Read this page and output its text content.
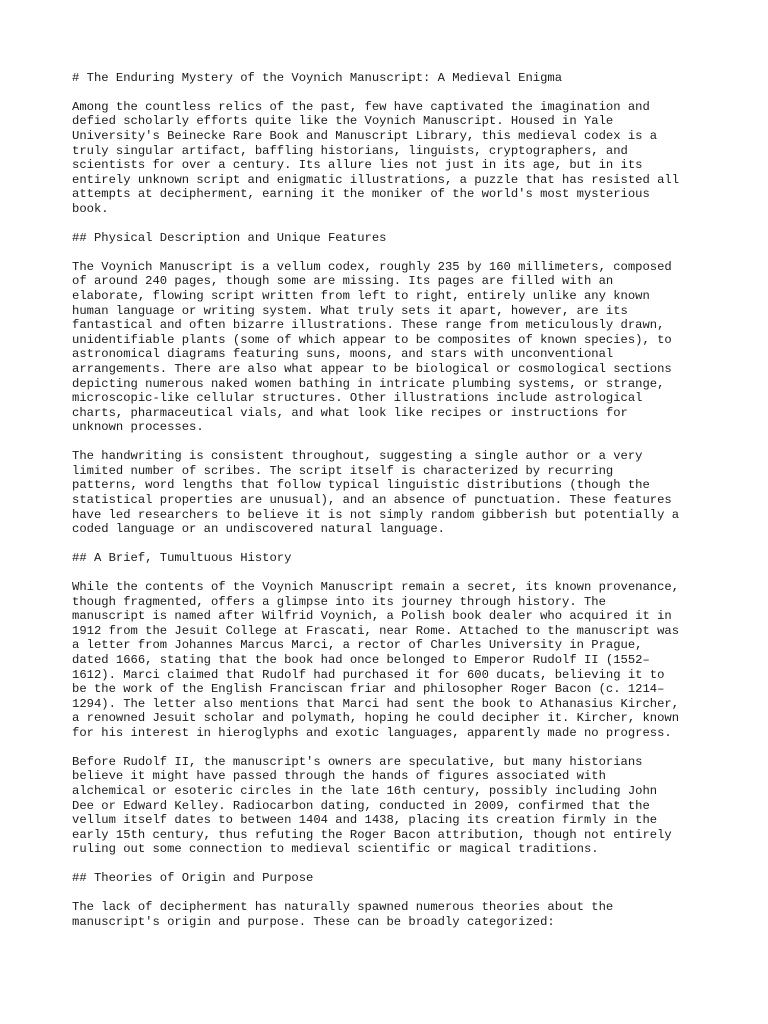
# The Enduring Mystery of the Voynich Manuscript: A Medieval Enigma
Among the countless relics of the past, few have captivated the imagination and
defied scholarly efforts quite like the Voynich Manuscript. Housed in Yale
University's Beinecke Rare Book and Manuscript Library, this medieval codex is a
truly singular artifact, baffling historians, linguists, cryptographers, and
scientists for over a century. Its allure lies not just in its age, but in its
entirely unknown script and enigmatic illustrations, a puzzle that has resisted all
attempts at decipherment, earning it the moniker of the world's most mysterious
book.
## Physical Description and Unique Features
The Voynich Manuscript is a vellum codex, roughly 235 by 160 millimeters, composed
of around 240 pages, though some are missing. Its pages are filled with an
elaborate, flowing script written from left to right, entirely unlike any known
human language or writing system. What truly sets it apart, however, are its
fantastical and often bizarre illustrations. These range from meticulously drawn,
unidentifiable plants (some of which appear to be composites of known species), to
astronomical diagrams featuring suns, moons, and stars with unconventional
arrangements. There are also what appear to be biological or cosmological sections
depicting numerous naked women bathing in intricate plumbing systems, or strange,
microscopic-like cellular structures. Other illustrations include astrological
charts, pharmaceutical vials, and what look like recipes or instructions for
unknown processes.
The handwriting is consistent throughout, suggesting a single author or a very
limited number of scribes. The script itself is characterized by recurring
patterns, word lengths that follow typical linguistic distributions (though the
statistical properties are unusual), and an absence of punctuation. These features
have led researchers to believe it is not simply random gibberish but potentially a
coded language or an undiscovered natural language.
## A Brief, Tumultuous History
While the contents of the Voynich Manuscript remain a secret, its known provenance,
though fragmented, offers a glimpse into its journey through history. The
manuscript is named after Wilfrid Voynich, a Polish book dealer who acquired it in
1912 from the Jesuit College at Frascati, near Rome. Attached to the manuscript was
a letter from Johannes Marcus Marci, a rector of Charles University in Prague,
dated 1666, stating that the book had once belonged to Emperor Rudolf II (1552–
1612). Marci claimed that Rudolf had purchased it for 600 ducats, believing it to
be the work of the English Franciscan friar and philosopher Roger Bacon (c. 1214–
1294). The letter also mentions that Marci had sent the book to Athanasius Kircher,
a renowned Jesuit scholar and polymath, hoping he could decipher it. Kircher, known
for his interest in hieroglyphs and exotic languages, apparently made no progress.
Before Rudolf II, the manuscript's owners are speculative, but many historians
believe it might have passed through the hands of figures associated with
alchemical or esoteric circles in the late 16th century, possibly including John
Dee or Edward Kelley. Radiocarbon dating, conducted in 2009, confirmed that the
vellum itself dates to between 1404 and 1438, placing its creation firmly in the
early 15th century, thus refuting the Roger Bacon attribution, though not entirely
ruling out some connection to medieval scientific or magical traditions.
## Theories of Origin and Purpose
The lack of decipherment has naturally spawned numerous theories about the
manuscript's origin and purpose. These can be broadly categorized:
